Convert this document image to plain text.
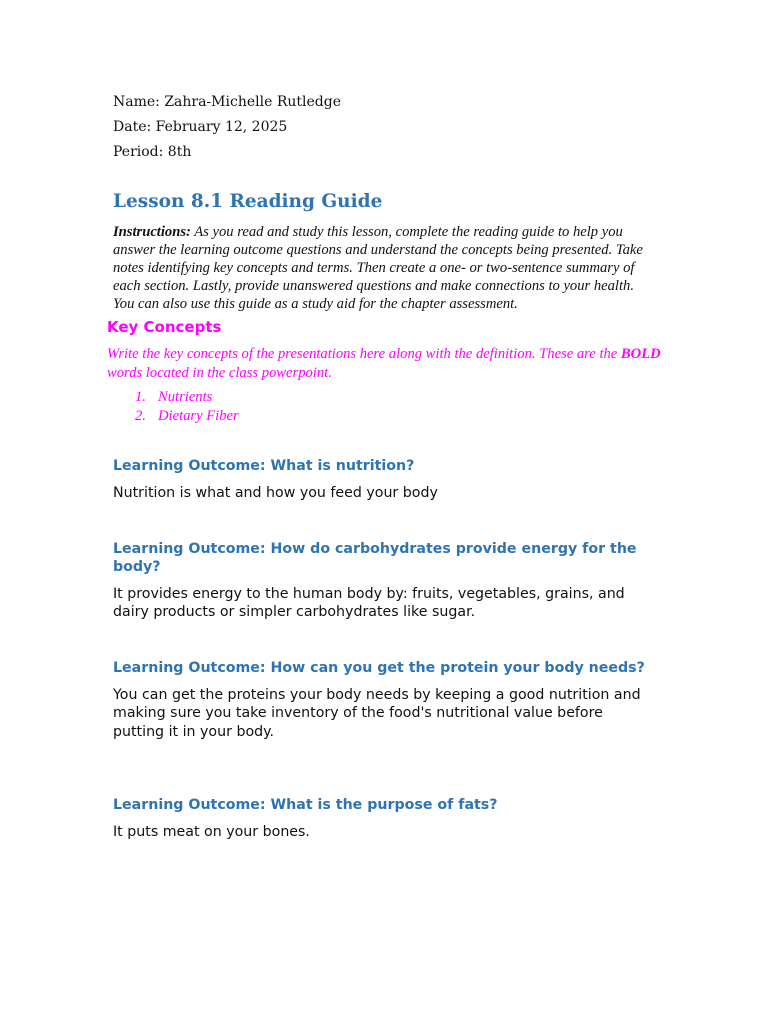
Name: Zahra-Michelle Rutledge

Date: February 12, 2025

Period: 8th

Lesson 8.1 Reading Guide

Instructions: As you read and study this lesson, complete the reading guide to help you answer the learning outcome questions and understand the concepts being presented. Take notes identifying key concepts and terms. Then create a one- or two-sentence summary of each section. Lastly, provide unanswered questions and make connections to your health. You can also use this guide as a study aid for the chapter assessment.

Key Concepts

Write the key concepts of the presentations here along with the definition. These are the BOLD words located in the class powerpoint.

1. Nutrients
2. Dietary Fiber
Learning Outcome: What is nutrition?

Nutrition is what and how you feed your body

Learning Outcome: How do carbohydrates provide energy for the body?

It provides energy to the human body by: fruits, vegetables, grains, and dairy products or simpler carbohydrates like sugar.

Learning Outcome: How can you get the protein your body needs?

You can get the proteins your body needs by keeping a good nutrition and making sure you take inventory of the food's nutritional value before putting it in your body.

Learning Outcome: What is the purpose of fats?

It puts meat on your bones.
